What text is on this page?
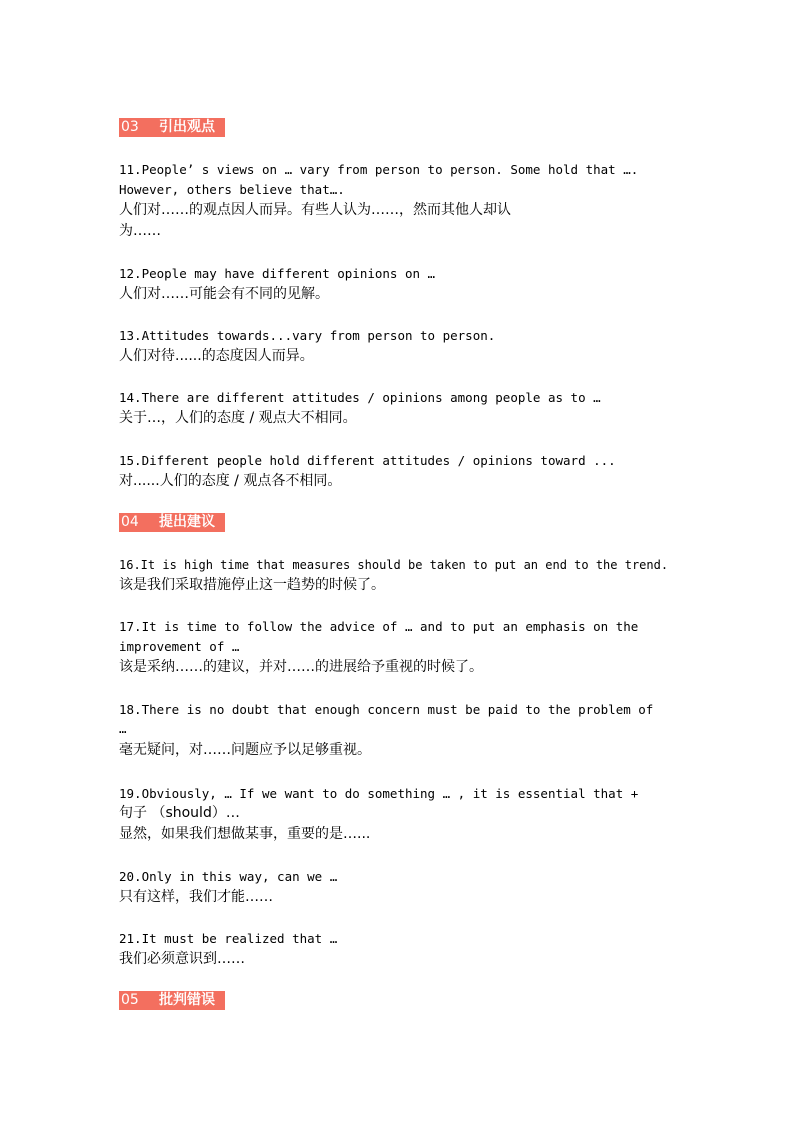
03 引出观点
11.People’ s views on … vary from person to person. Some hold that ….
However, others believe that….
人们对……的观点因人而异。有些人认为……，然而其他人却认
为……
12.People may have different opinions on …
人们对……可能会有不同的见解。
13.Attitudes towards...vary from person to person.
人们对待......的态度因人而异。
14.There are different attitudes / opinions among people as to …
关于…，人们的态度 / 观点大不相同。
15.Different people hold different attitudes / opinions toward ...
对......人们的态度 / 观点各不相同。
04 提出建议
16.It is high time that measures should be taken to put an end to the trend.
该是我们采取措施停止这一趋势的时候了。
17.It is time to follow the advice of … and to put an emphasis on the
improvement of …
该是采纳……的建议，并对……的进展给予重视的时候了。
18.There is no doubt that enough concern must be paid to the problem of
…
毫无疑问，对……问题应予以足够重视。
19.Obviously, … If we want to do something … , it is essential that +
句子 （should）…
显然，如果我们想做某事，重要的是…...
20.Only in this way, can we …
只有这样，我们才能……
21.It must be realized that …
我们必须意识到……
05 批判错误
